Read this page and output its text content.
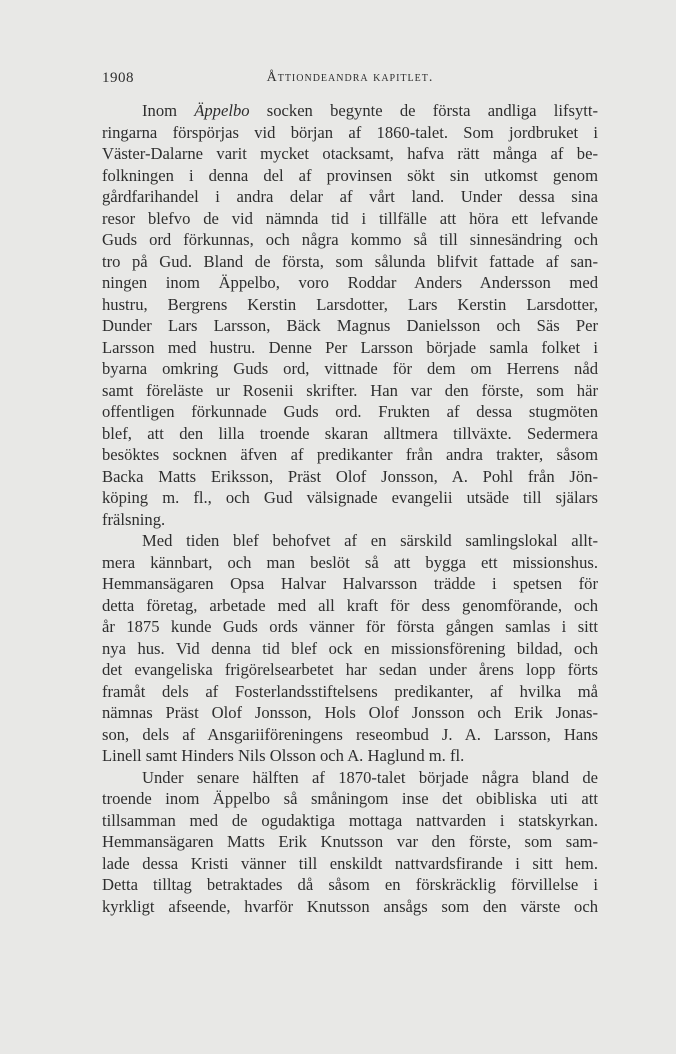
1908	Åttiondeandra kapitlet.
Inom Äppelbo socken begynte de första andliga lifsytt-
ringarna förspörjas vid början af 1860-talet. Som jordbruket i
Väster-Dalarne varit mycket otacksamt, hafva rätt många af be-
folkningen i denna del af provinsen sökt sin utkomst genom
gårdfarihandel i andra delar af vårt land. Under dessa sina
resor blefvo de vid nämnda tid i tillfälle att höra ett lefvande
Guds ord förkunnas, och några kommo så till sinnesändring och
tro på Gud. Bland de första, som sålunda blifvit fattade af san-
ningen inom Äppelbo, voro Roddar Anders Andersson med
hustru, Bergrens Kerstin Larsdotter, Lars Kerstin Larsdotter,
Dunder Lars Larsson, Bäck Magnus Danielsson och Säs Per
Larsson med hustru. Denne Per Larsson började samla folket i
byarna omkring Guds ord, vittnade för dem om Herrens nåd
samt föreläste ur Rosenii skrifter. Han var den förste, som här
offentligen förkunnade Guds ord. Frukten af dessa stugmöten
blef, att den lilla troende skaran alltmera tillväxte. Sedermera
besöktes socknen äfven af predikanter från andra trakter, såsom
Backa Matts Eriksson, Präst Olof Jonsson, A. Pohl från Jön-
köping m. fl., och Gud välsignade evangelii utsäde till själars
frälsning.
Med tiden blef behofvet af en särskild samlingslokal allt-
mera kännbart, och man beslöt så att bygga ett missionshus.
Hemmansägaren Opsa Halvar Halvarsson trädde i spetsen för
detta företag, arbetade med all kraft för dess genomförande, och
år 1875 kunde Guds ords vänner för första gången samlas i sitt
nya hus. Vid denna tid blef ock en missionsförening bildad, och
det evangeliska frigörelsearbetet har sedan under årens lopp förts
framåt dels af Fosterlandsstiftelsens predikanter, af hvilka må
nämnas Präst Olof Jonsson, Hols Olof Jonsson och Erik Jonas-
son, dels af Ansgariiföreningens reseombud J. A. Larsson, Hans
Linell samt Hinders Nils Olsson och A. Haglund m. fl.
Under senare hälften af 1870-talet började några bland de
troende inom Äppelbo så småningom inse det obibliska uti att
tillsamman med de ogudaktiga mottaga nattvarden i statskyrkan.
Hemmansägaren Matts Erik Knutsson var den förste, som sam-
lade dessa Kristi vänner till enskildt nattvardsfirande i sitt hem.
Detta tilltag betraktades då såsom en förskräcklig förvillelse i
kyrkligt afseende, hvarför Knutsson ansågs som den värste och
